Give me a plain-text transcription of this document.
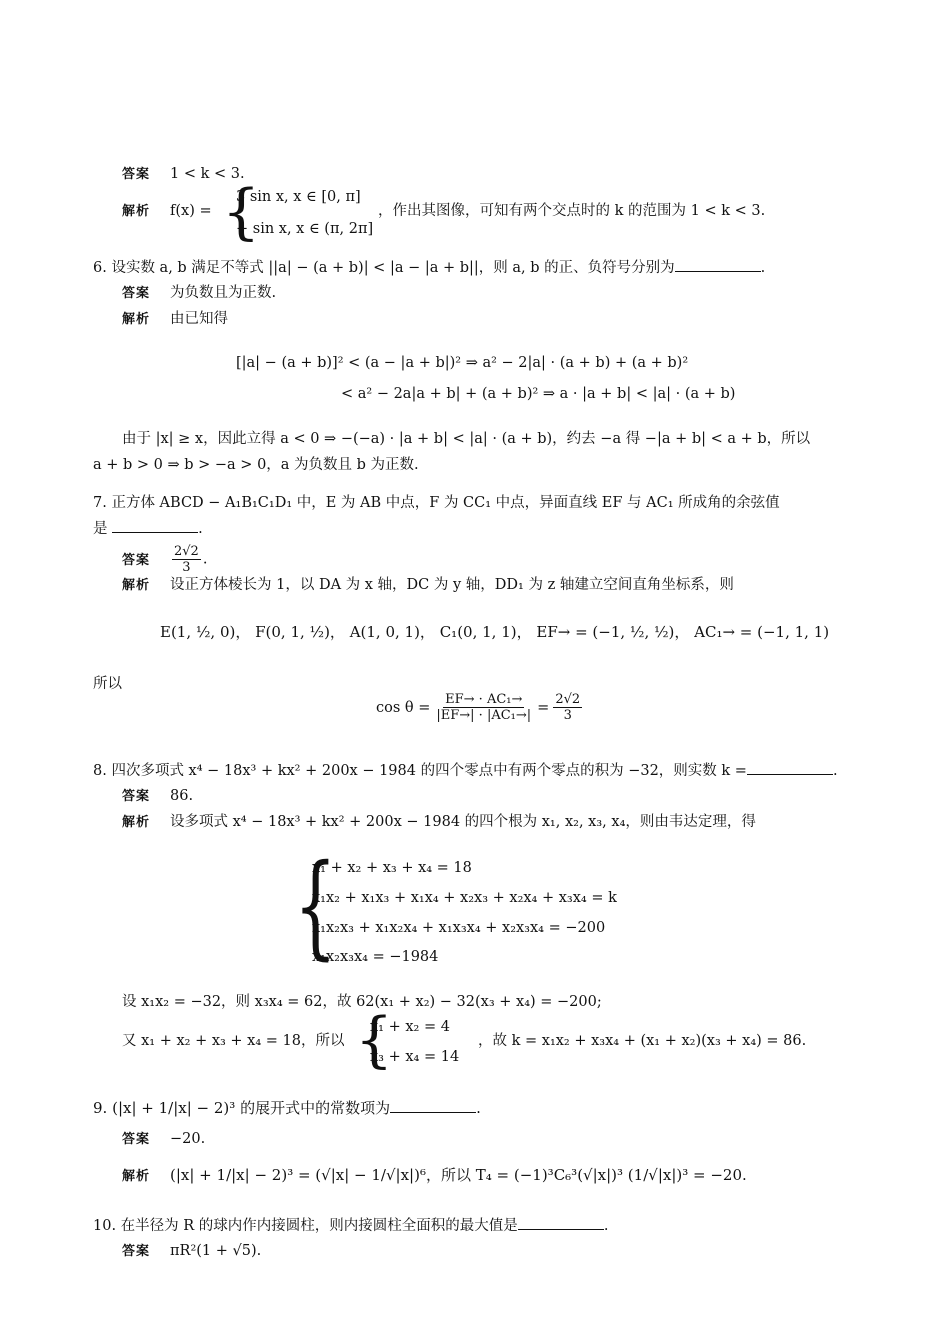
答案 1 < k < 3.
解析 f(x) = {
3 sin x, x ∈ [0, π]
− sin x, x ∈ (π, 2π]
，作出其图像，可知有两个交点时的 k 的范围为 1 < k < 3.
6. 设实数 a, b 满足不等式 ||a| − (a + b)| < |a − |a + b||，则 a, b 的正、负符号分别为	.
答案 为负数且为正数.
解析 由已知得
[|a| − (a + b)]² < (a − |a + b|)² ⇒ a² − 2|a| · (a + b) + (a + b)²
< a² − 2a|a + b| + (a + b)² ⇒ a · |a + b| < |a| · (a + b)
由于 |x| ≥ x，因此立得 a < 0 ⇒ −(−a) · |a + b| < |a| · (a + b)，约去 −a 得 −|a + b| < a + b，所以
a + b > 0 ⇒ b > −a > 0，a 为负数且 b 为正数.
7. 正方体 ABCD − A₁B₁C₁D₁ 中，E 为 AB 中点，F 为 CC₁ 中点，异面直线 EF 与 AC₁ 所成角的余弦值
是	.
答案 $\frac{2√2}{3}$ .
解析 设正方体棱长为 1，以 DA 为 x 轴，DC 为 y 轴，DD₁ 为 z 轴建立空间直角坐标系，则
E(1, ½, 0)， F(0, 1, ½)， A(1, 0, 1)， C₁(0, 1, 1)， EF→ = (−1, ½, ½)， AC₁→ = (−1, 1, 1)
所以
$\cos \theta = \frac{\text{EF→ · AC₁→}}{\text{|EF→| · |AC₁→|}} = \frac{2√2}{3}$
8. 四次多项式 x⁴ − 18x³ + kx² + 200x − 1984 的四个零点中有两个零点的积为 −32，则实数 k =	.
答案 86.
解析 设多项式 x⁴ − 18x³ + kx² + 200x − 1984 的四个根为 x₁, x₂, x₃, x₄，则由韦达定理，得
{
x₁ + x₂ + x₃ + x₄ = 18
x₁x₂ + x₁x₃ + x₁x₄ + x₂x₃ + x₂x₄ + x₃x₄ = k
x₁x₂x₃ + x₁x₂x₄ + x₁x₃x₄ + x₂x₃x₄ = −200
x₁x₂x₃x₄ = −1984
设 x₁x₂ = −32，则 x₃x₄ = 62，故 62(x₁ + x₂) − 32(x₃ + x₄) = −200;
又 x₁ + x₂ + x₃ + x₄ = 18，所以 {
x₁ + x₂ = 4
x₃ + x₄ = 14
，故 k = x₁x₂ + x₃x₄ + (x₁ + x₂)(x₃ + x₄) = 86.
9. (|x| + 1/|x| − 2)³ 的展开式中的常数项为	.
答案 −20.
解析 (|x| + 1/|x| − 2)³ = (√|x| − 1/√|x|)⁶，所以 T₄ = (−1)³C₆³(√|x|)³ (1/√|x|)³ = −20.
10. 在半径为 R 的球内作内接圆柱，则内接圆柱全面积的最大值是	.
答案 πR²(1 + √5).
